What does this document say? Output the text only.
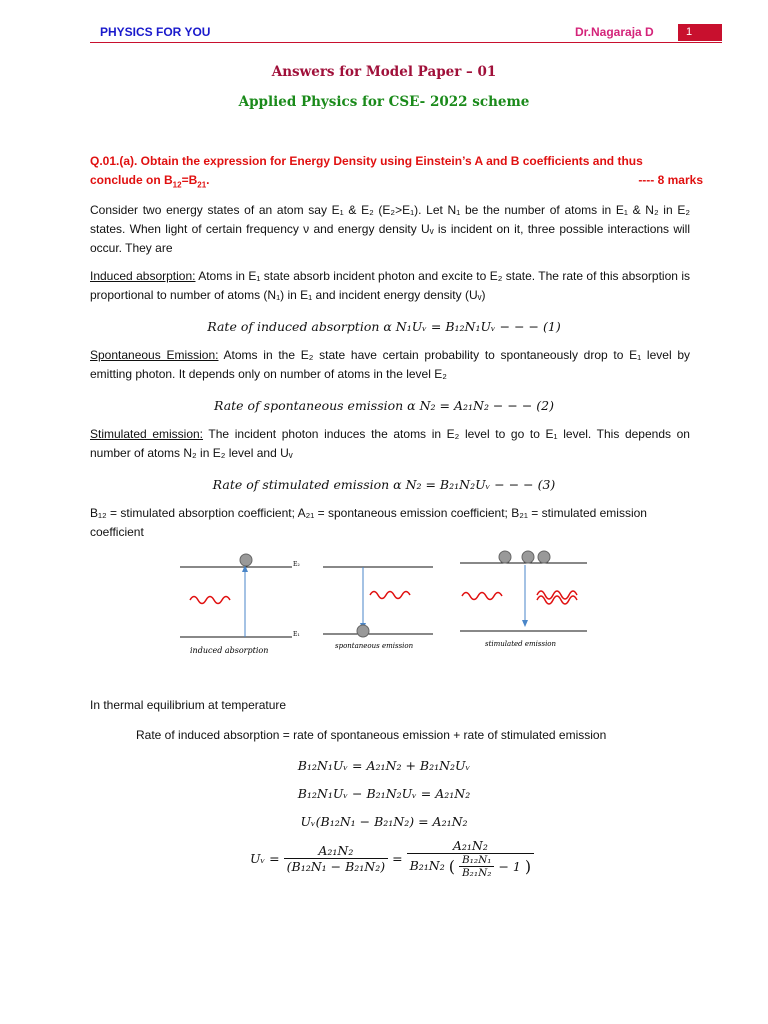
PHYSICS FOR YOU	Dr.Nagaraja D	1
Answers for Model Paper – 01
Applied Physics for CSE- 2022 scheme
Q.01.(a). Obtain the expression for Energy Density using Einstein’s A and B coefficients and thus
conclude on $B_{12}=B_{21}$.	---- 8 marks
Consider two energy states of an atom say E₁ & E₂ (E₂>E₁). Let N₁ be the number of atoms in E₁ & N₂ in E₂ states. When light of certain frequency ν and energy density Uᵥ is incident on it, three possible interactions will occur. They are
Induced absorption: Atoms in E₁ state absorb incident photon and excite to E₂ state. The rate of this absorption is proportional to number of atoms (N₁) in E₁ and incident energy density (Uᵥ)
Rate of induced absorption α N₁Uᵥ = B₁₂N₁Uᵥ − − − (1)
Spontaneous Emission: Atoms in the E₂ state have certain probability to spontaneously drop to E₁ level by emitting photon. It depends only on number of atoms in the level E₂
Rate of spontaneous emission α N₂ = A₂₁N₂ − − − (2)
Stimulated emission: The incident photon induces the atoms in E₂ level to go to E₁ level. This depends on number of atoms N₂ in E₂ level and Uᵥ
Rate of stimulated emission α N₂ = B₂₁N₂Uᵥ − − − (3)
B₁₂ = stimulated absorption coefficient; A₂₁ = spontaneous emission coefficient; B₂₁ = stimulated emission coefficient
E₂
E₁
induced absorption	spontaneous emission	stimulated emission
In thermal equilibrium at temperature
Rate of induced absorption = rate of spontaneous emission + rate of stimulated emission
B₁₂N₁Uᵥ = A₂₁N₂ + B₂₁N₂Uᵥ
B₁₂N₁Uᵥ − B₂₁N₂Uᵥ = A₂₁N₂
Uᵥ(B₁₂N₁ − B₂₁N₂) = A₂₁N₂
Uᵥ = $\frac{\text{A₂₁N₂}}{\text{(B₁₂N₁ − B₂₁N₂)}}$ =
A₂₁N₂
B₂₁N₂ ( $\frac{\text{B₁₂N₁}}{\text{B₂₁N₂}} - 1$ )
